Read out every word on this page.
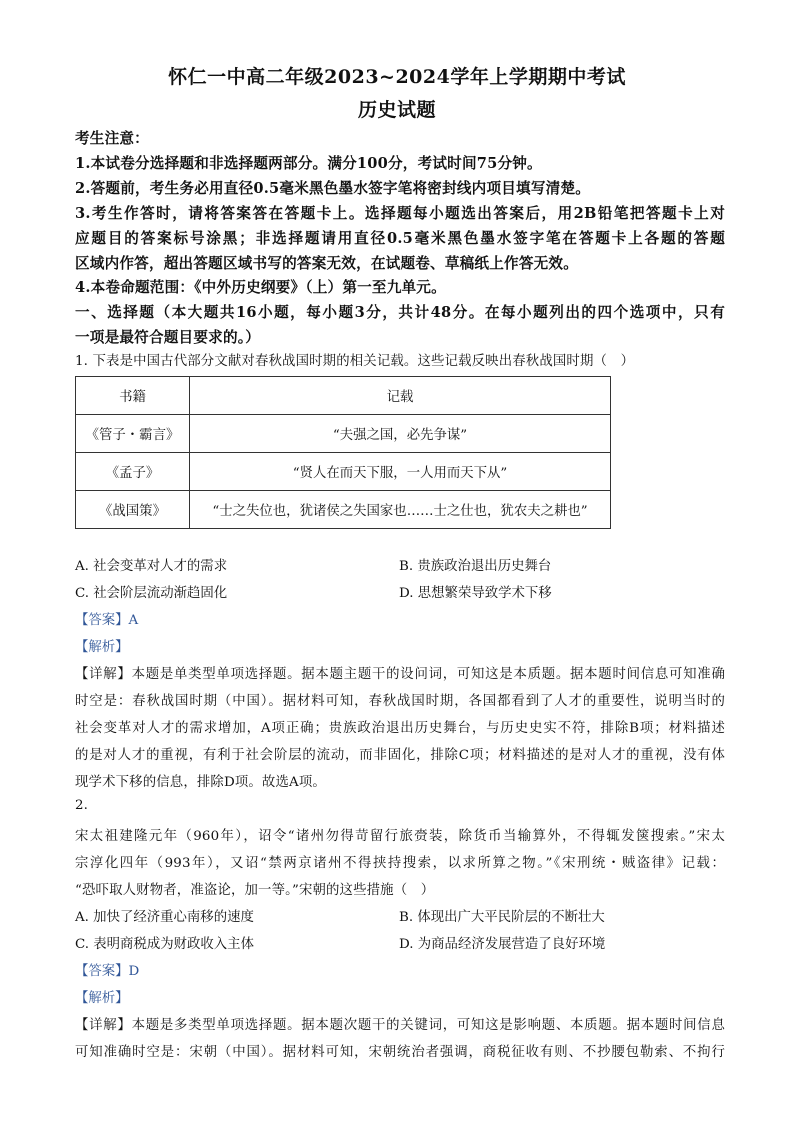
怀仁一中高二年级2023~2024学年上学期期中考试
历史试题
考生注意：
1.本试卷分选择题和非选择题两部分。满分100分，考试时间75分钟。
2.答题前，考生务必用直径0.5毫米黑色墨水签字笔将密封线内项目填写清楚。
3.考生作答时，请将答案答在答题卡上。选择题每小题选出答案后，用2B铅笔把答题卡上对
应题目的答案标号涂黑；非选择题请用直径0.5毫米黑色墨水签字笔在答题卡上各题的答题
区域内作答，超出答题区域书写的答案无效，在试题卷、草稿纸上作答无效。
4.本卷命题范围：《中外历史纲要》（上）第一至九单元。
一、选择题（本大题共16小题，每小题3分，共计48分。在每小题列出的四个选项中，只有
一项是最符合题目要求的。）
1. 下表是中国古代部分文献对春秋战国时期的相关记载。这些记载反映出春秋战国时期（　）
书籍	记载
《管子・霸言》	“夫强之国，必先争谋”
《孟子》	“贤人在而天下服，一人用而天下从”
《战国策》	“士之失位也，犹诸侯之失国家也……士之仕也，犹农夫之耕也”
A. 社会变革对人才的需求	B. 贵族政治退出历史舞台
C. 社会阶层流动渐趋固化	D. 思想繁荣导致学术下移
【答案】A
【解析】
【详解】本题是单类型单项选择题。据本题主题干的设问词，可知这是本质题。据本题时间信息可知准确
时空是：春秋战国时期（中国）。据材料可知，春秋战国时期，各国都看到了人才的重要性，说明当时的
社会变革对人才的需求增加，A项正确；贵族政治退出历史舞台，与历史史实不符，排除B项；材料描述
的是对人才的重视，有利于社会阶层的流动，而非固化，排除C项；材料描述的是对人才的重视，没有体
现学术下移的信息，排除D项。故选A项。
2.
宋太祖建隆元年（960年），诏令“诸州勿得苛留行旅赍装，除货币当输算外，不得辄发箧搜索。”宋太
宗淳化四年（993年），又诏“禁两京诸州不得挟持搜索，以求所算之物。”《宋刑统・贼盗律》记载：
“恐吓取人财物者，准盗论，加一等。”宋朝的这些措施（　）
A. 加快了经济重心南移的速度	B. 体现出广大平民阶层的不断壮大
C. 表明商税成为财政收入主体	D. 为商品经济发展营造了良好环境
【答案】D
【解析】
【详解】本题是多类型单项选择题。据本题次题干的关键词，可知这是影响题、本质题。据本题时间信息
可知准确时空是：宋朝（中国）。据材料可知，宋朝统治者强调，商税征收有则、不抄腰包勒索、不拘行
